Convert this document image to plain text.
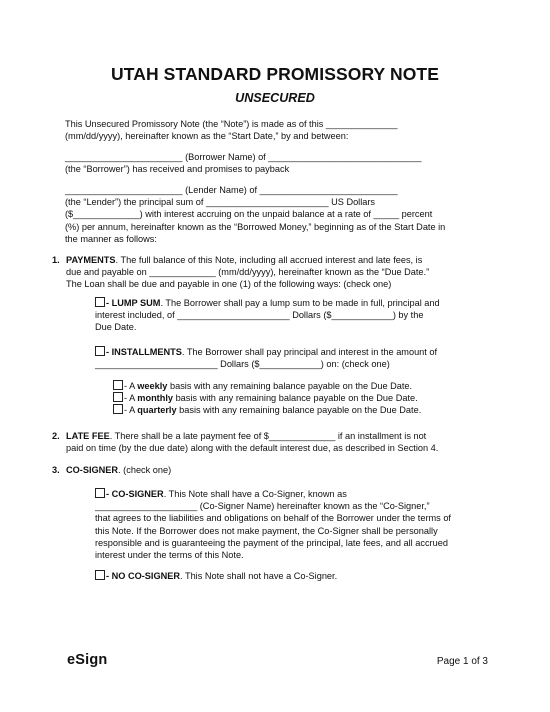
UTAH STANDARD PROMISSORY NOTE
UNSECURED

This Unsecured Promissory Note (the “Note”) is made as of this ______________

(mm/dd/yyyy), hereinafter known as the “Start Date,” by and between:

_______________________ (Borrower Name) of ______________________________

(the “Borrower”) has received and promises to payback

_______________________ (Lender Name) of ___________________________

(the “Lender”) the principal sum of ________________________ US Dollars

($_____________) with interest accruing on the unpaid balance at a rate of _____ percent

(%) per annum, hereinafter known as the “Borrowed Money,” beginning as of the Start Date in

the manner as follows:

1. PAYMENTS. The full balance of this Note, including all accrued interest and late fees, is

due and payable on _____________ (mm/dd/yyyy), hereinafter known as the “Due Date.”

The Loan shall be due and payable in one (1) of the following ways: (check one)

- LUMP SUM. The Borrower shall pay a lump sum to be made in full, principal and

interest included, of ______________________ Dollars ($____________) by the

Due Date.

- INSTALLMENTS. The Borrower shall pay principal and interest in the amount of

________________________ Dollars ($____________) on: (check one)

- A weekly basis with any remaining balance payable on the Due Date.

- A monthly basis with any remaining balance payable on the Due Date.

- A quarterly basis with any remaining balance payable on the Due Date.

2. LATE FEE. There shall be a late payment fee of $_____________ if an installment is not

paid on time (by the due date) along with the default interest due, as described in Section 4.

3. CO-SIGNER. (check one)

- CO-SIGNER. This Note shall have a Co-Signer, known as

____________________ (Co-Signer Name) hereinafter known as the “Co-Signer,”

that agrees to the liabilities and obligations on behalf of the Borrower under the terms of

this Note. If the Borrower does not make payment, the Co-Signer shall be personally

responsible and is guaranteeing the payment of the principal, late fees, and all accrued

interest under the terms of this Note.

- NO CO-SIGNER. This Note shall not have a Co-Signer.

eSign	Page 1 of 3
